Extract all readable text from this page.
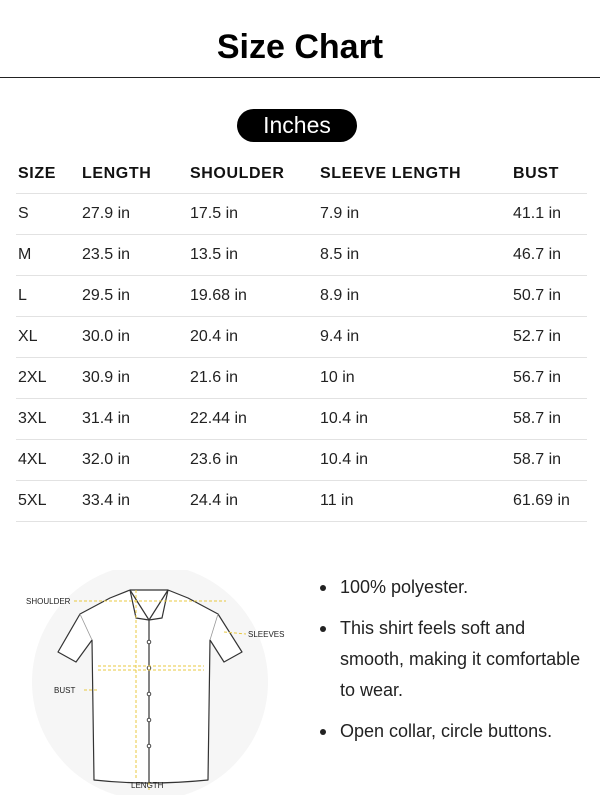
Size Chart
Inches
SIZE	LENGTH	SHOULDER	SLEEVE LENGTH	BUST
S	27.9 in	17.5 in	7.9 in	41.1 in
M	23.5 in	13.5 in	8.5 in	46.7 in
L	29.5 in	19.68 in	8.9 in	50.7 in
XL	30.0 in	20.4 in	9.4 in	52.7 in
2XL	30.9 in	21.6 in	10 in	56.7 in
3XL	31.4 in	22.44 in	10.4 in	58.7 in
4XL	32.0 in	23.6 in	10.4 in	58.7 in
5XL	33.4 in	24.4 in	11 in	61.69 in
SHOULDER
SLEEVES
BUST
LENGTH
100% polyester.
This shirt feels soft and smooth, making it comfortable to wear.
Open collar, circle buttons.
